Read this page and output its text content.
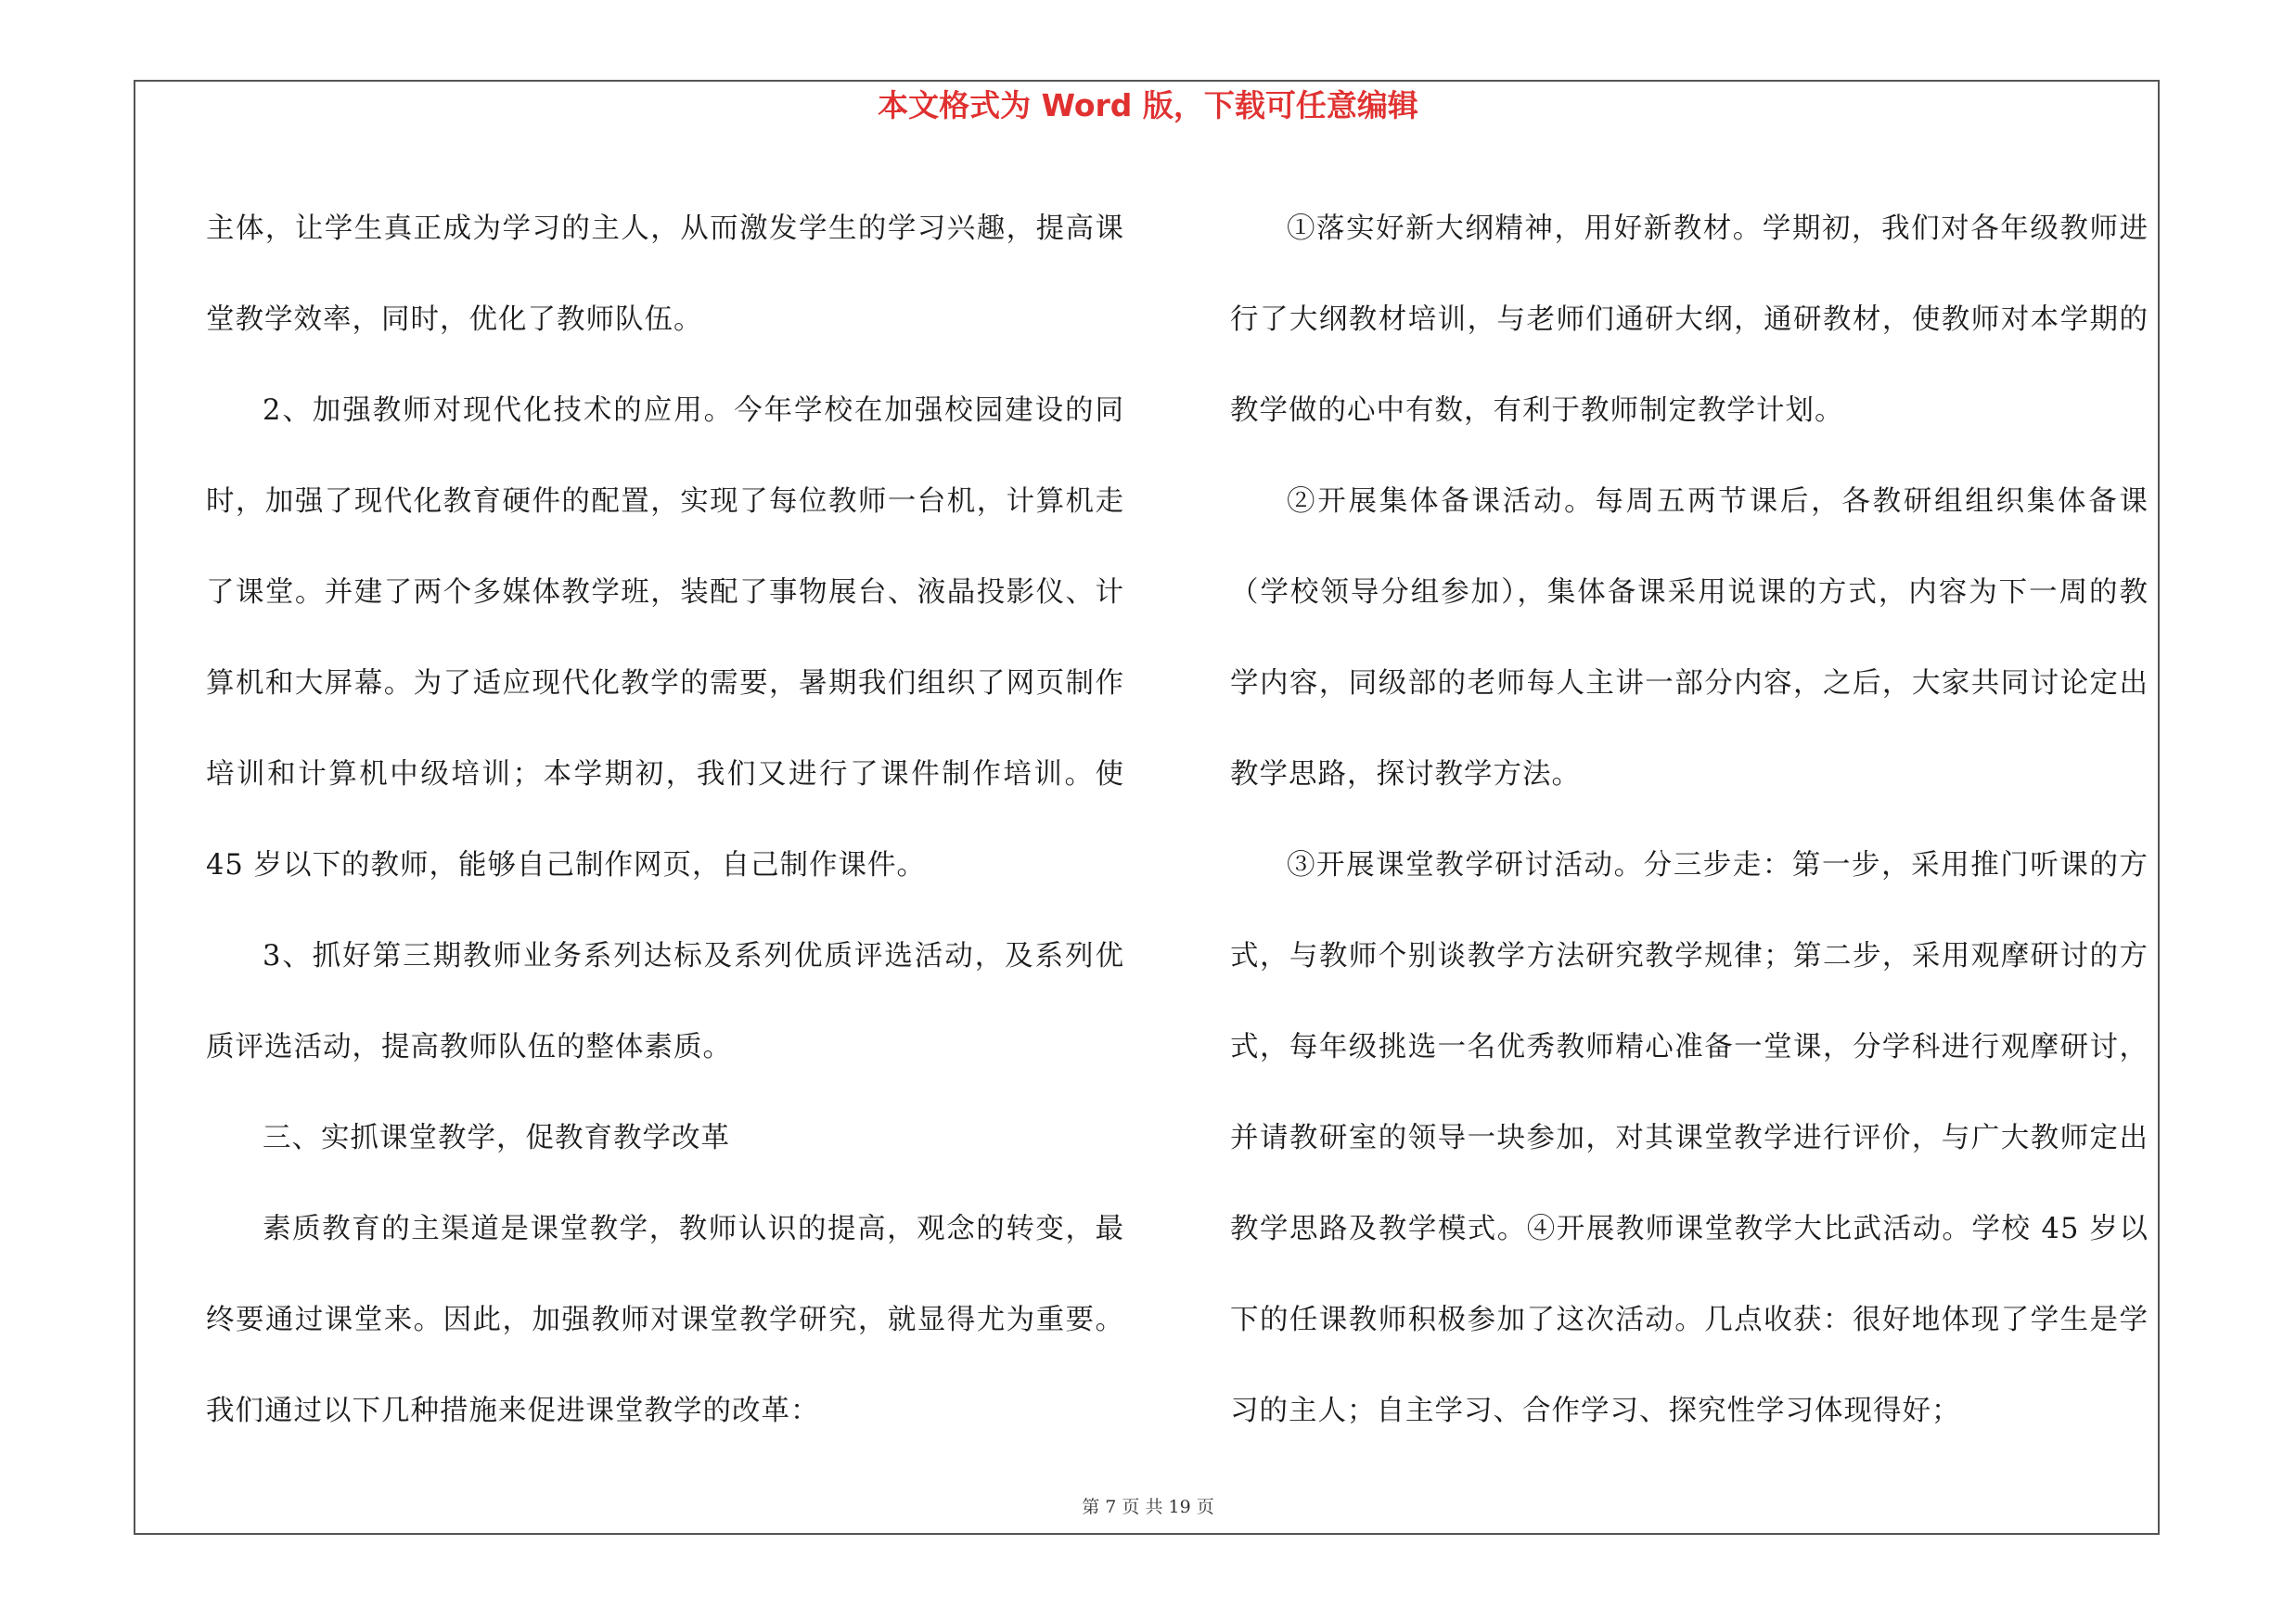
本文格式为 Word 版，下载可任意编辑

主体，让学生真正成为学习的主人，从而激发学生的学习兴趣，提高课堂教学效率，同时，优化了教师队伍。

2、加强教师对现代化技术的应用。今年学校在加强校园建设的同时，加强了现代化教育硬件的配置，实现了每位教师一台机，计算机走了课堂。并建了两个多媒体教学班，装配了事物展台、液晶投影仪、计算机和大屏幕。为了适应现代化教学的需要，暑期我们组织了网页制作培训和计算机中级培训；本学期初，我们又进行了课件制作培训。使 45 岁以下的教师，能够自己制作网页，自己制作课件。

3、抓好第三期教师业务系列达标及系列优质评选活动，及系列优质评选活动，提高教师队伍的整体素质。

三、实抓课堂教学，促教育教学改革

素质教育的主渠道是课堂教学，教师认识的提高，观念的转变，最终要通过课堂来。因此，加强教师对课堂教学研究，就显得尤为重要。我们通过以下几种措施来促进课堂教学的改革：

①落实好新大纲精神，用好新教材。学期初，我们对各年级教师进行了大纲教材培训，与老师们通研大纲，通研教材，使教师对本学期的教学做的心中有数，有利于教师制定教学计划。

②开展集体备课活动。每周五两节课后，各教研组组织集体备课（学校领导分组参加），集体备课采用说课的方式，内容为下一周的教学内容，同级部的老师每人主讲一部分内容，之后，大家共同讨论定出教学思路，探讨教学方法。

③开展课堂教学研讨活动。分三步走：第一步，采用推门听课的方式，与教师个别谈教学方法研究教学规律；第二步，采用观摩研讨的方式，每年级挑选一名优秀教师精心准备一堂课，分学科进行观摩研讨，并请教研室的领导一块参加，对其课堂教学进行评价，与广大教师定出教学思路及教学模式。④开展教师课堂教学大比武活动。学校 45 岁以下的任课教师积极参加了这次活动。几点收获：很好地体现了学生是学习的主人；自主学习、合作学习、探究性学习体现得好；

第 7 页 共 19 页
